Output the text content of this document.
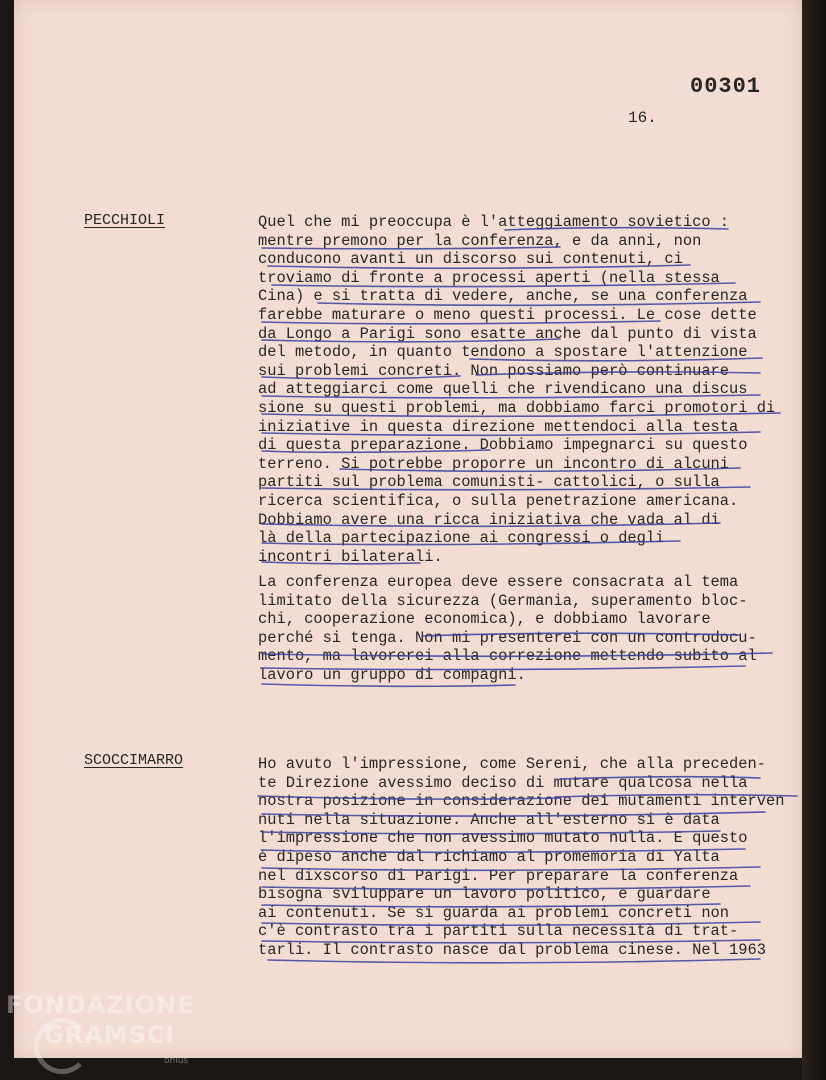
00301
16.
PECCHIOLI	Quel che mi preoccupa è l'atteggiamento sovietico :
mentre premono per la conferenza, e da anni, non
conducono avanti un discorso sui contenuti, ci
troviamo di fronte a processi aperti (nella stessa
Cina) e si tratta di vedere, anche, se una conferenza
farebbe maturare o meno questi processi. Le cose dette
da Longo a Parigi sono esatte anche dal punto di vista
del metodo, in quanto tendono a spostare l'attenzione
sui problemi concreti. Non possiamo però continuare
ad atteggiarci come quelli che rivendicano una discus
sione su questi problemi, ma dobbiamo farci promotori di
iniziative in questa direzione mettendoci alla testa
di questa preparazione. Dobbiamo impegnarci su questo
terreno. Si potrebbe proporre un incontro di alcuni
partiti sul problema comunisti- cattolici, o sulla
ricerca scientifica, o sulla penetrazione americana.
Dobbiamo avere una ricca iniziativa che vada al di
là della partecipazione ai congressi o degli
incontri bilaterali.
La conferenza europea deve essere consacrata al tema
limitato della sicurezza (Germania, superamento bloc-
chi, cooperazione economica), e dobbiamo lavorare
perché si tenga. Non mi presenterei con un controdocu-
mento, ma lavorerei alla correzione mettendo subito al
lavoro un gruppo di compagni.
SCOCCIMARRO	Ho avuto l'impressione, come Sereni, che alla preceden-
te Direzione avessimo deciso di mutare qualcosa nella
nostra posizione in considerazione dei mutamenti interven
nuti nella situazione. Anche all'esterno si è data
l'impressione che non avessimo mutato nulla. E questo
è dipeso anche dal richiamo al promemoria di Yalta
nel dixscorso di Parigi. Per preparare la conferenza
bisogna sviluppare un lavoro politico, e guardare
ai contenuti. Se si guarda ai problemi concreti non
c'è contrasto tra i partiti sulla necessità di trat-
tarli. Il contrasto nasce dal problema cinese. Nel 1963
FONDAZIONE
GRAMSCI
onlus
